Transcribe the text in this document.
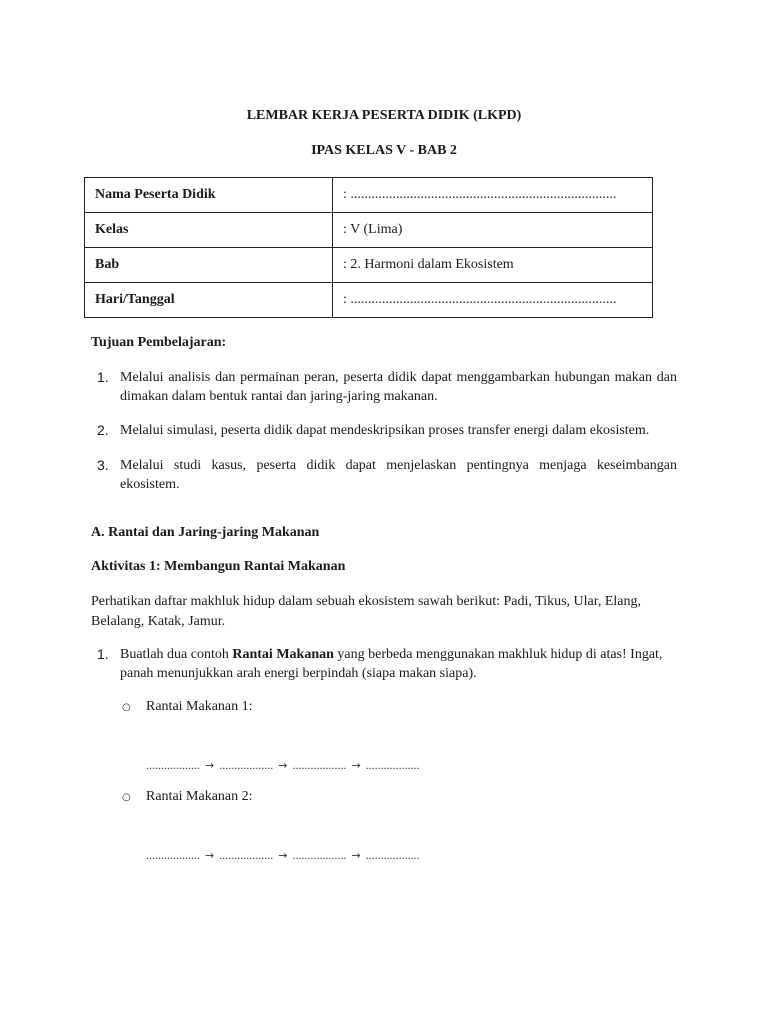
LEMBAR KERJA PESERTA DIDIK (LKPD)
IPAS KELAS V - BAB 2
Nama Peserta Didik	: ............................................................................
Kelas	: V (Lima)
Bab	: 2. Harmoni dalam Ekosistem
Hari/Tanggal	: ............................................................................
Tujuan Pembelajaran:
1. Melalui analisis dan permainan peran, peserta didik dapat menggambarkan hubungan makan dan dimakan dalam bentuk rantai dan jaring-jaring makanan.
2. Melalui simulasi, peserta didik dapat mendeskripsikan proses transfer energi dalam ekosistem.
3. Melalui studi kasus, peserta didik dapat menjelaskan pentingnya menjaga keseimbangan ekosistem.
A. Rantai dan Jaring-jaring Makanan
Aktivitas 1: Membangun Rantai Makanan
Perhatikan daftar makhluk hidup dalam sebuah ekosistem sawah berikut: Padi, Tikus, Ular, Elang, Belalang, Katak, Jamur.
1. Buatlah dua contoh Rantai Makanan yang berbeda menggunakan makhluk hidup di atas! Ingat, panah menunjukkan arah energi berpindah (siapa makan siapa).
○	Rantai Makanan 1:
.................. → .................. → .................. → ..................
○	Rantai Makanan 2:
.................. → .................. → .................. → ..................
